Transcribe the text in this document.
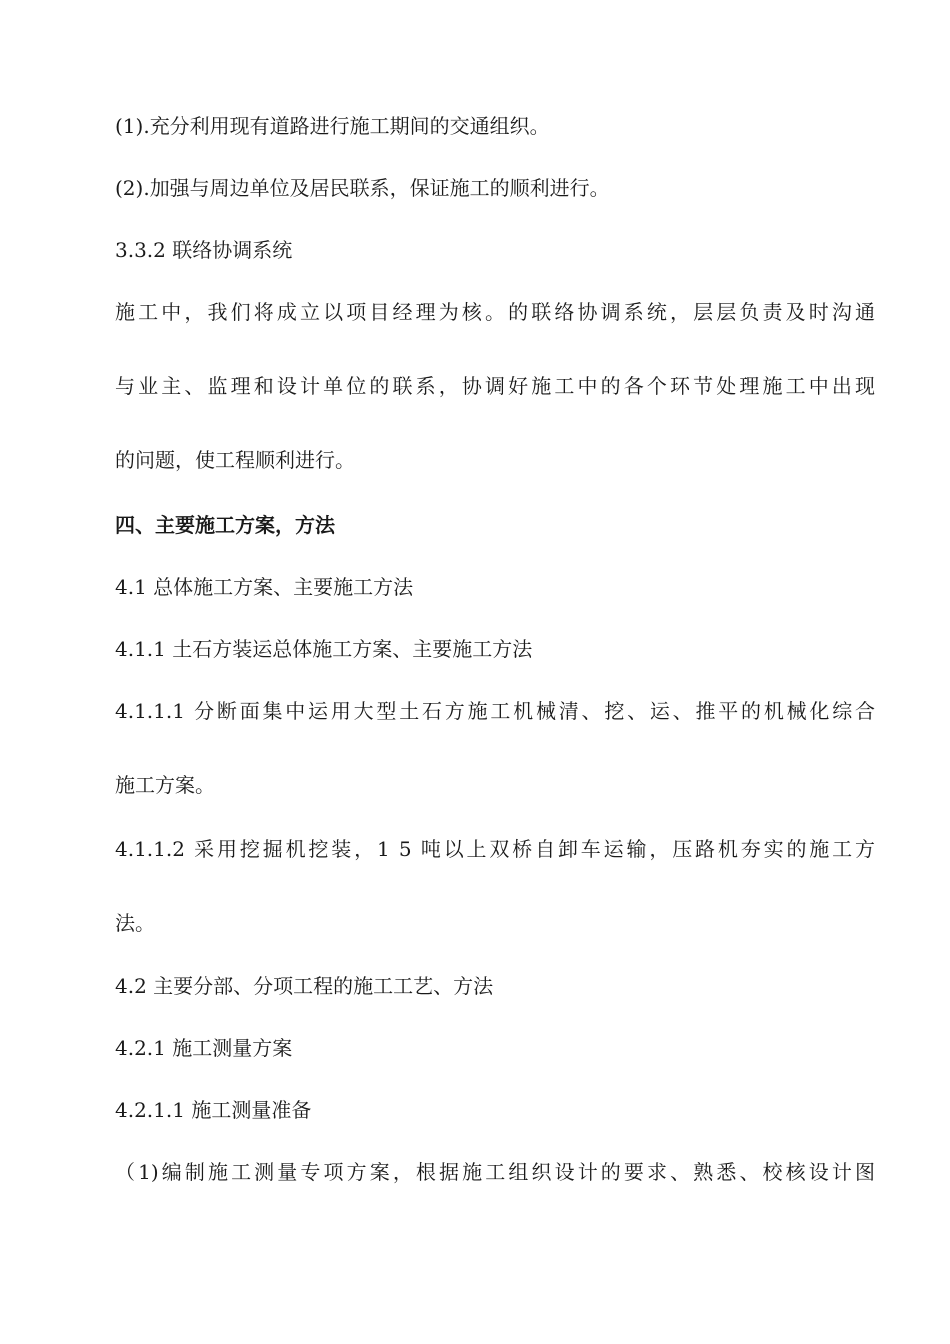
(1).充分利用现有道路进行施工期间的交通组织。

(2).加强与周边单位及居民联系，保证施工的顺利进行。

3.3.2 联络协调系统

施工中，我们将成立以项目经理为核。的联络协调系统，层层负责及时沟通

与业主、监理和设计单位的联系，协调好施工中的各个环节处理施工中出现

的问题，使工程顺利进行。

四、主要施工方案，方法

4.1 总体施工方案、主要施工方法

4.1.1 土石方装运总体施工方案、主要施工方法

4.1.1.1 分断面集中运用大型土石方施工机械清、挖、运、推平的机械化综合

施工方案。

4.1.1.2 采用挖掘机挖装，1 5 吨以上双桥自卸车运输，压路机夯实的施工方

法。

4.2 主要分部、分项工程的施工工艺、方法

4.2.1 施工测量方案

4.2.1.1 施工测量准备

（1)编制施工测量专项方案，根据施工组织设计的要求、熟悉、校核设计图
